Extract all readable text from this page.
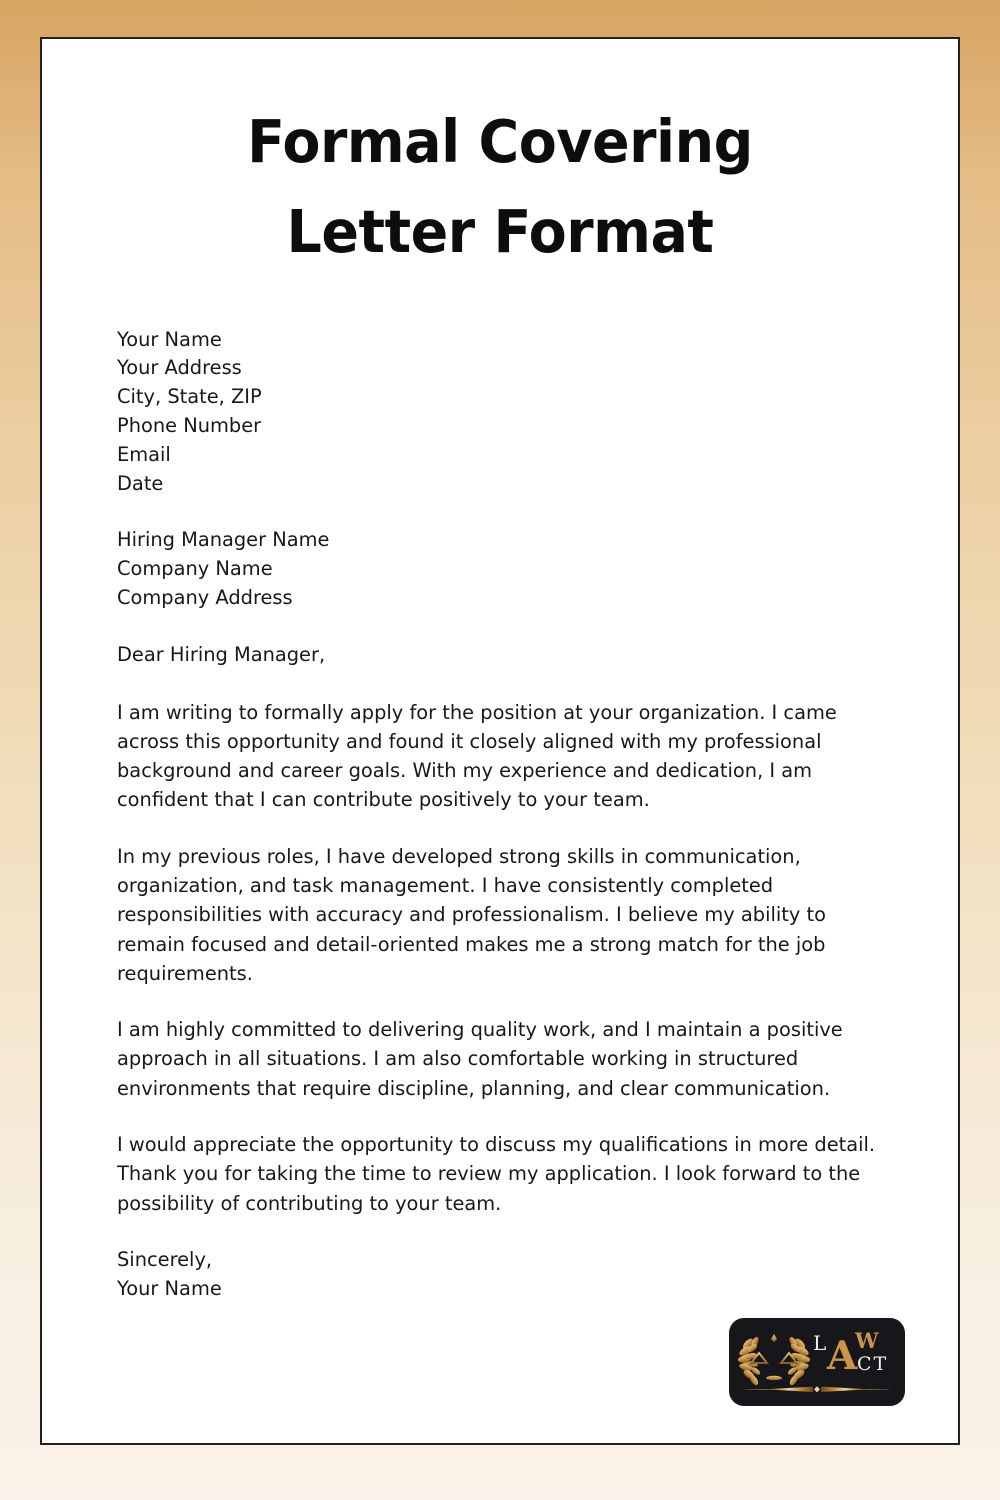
Formal Covering
Letter Format
Your Name
Your Address
City, State, ZIP
Phone Number
Email
Date
Hiring Manager Name
Company Name
Company Address
Dear Hiring Manager,
I am writing to formally apply for the position at your organization. I came across this opportunity and found it closely aligned with my professional background and career goals. With my experience and dedication, I am confident that I can contribute positively to your team.
In my previous roles, I have developed strong skills in communication, organization, and task management. I have consistently completed responsibilities with accuracy and professionalism. I believe my ability to remain focused and detail-oriented makes me a strong match for the job requirements.
I am highly committed to delivering quality work, and I maintain a positive approach in all situations. I am also comfortable working in structured environments that require discipline, planning, and clear communication.
I would appreciate the opportunity to discuss my qualifications in more detail. Thank you for taking the time to review my application. I look forward to the possibility of contributing to your team.
Sincerely,
Your Name
L A
W
CT
